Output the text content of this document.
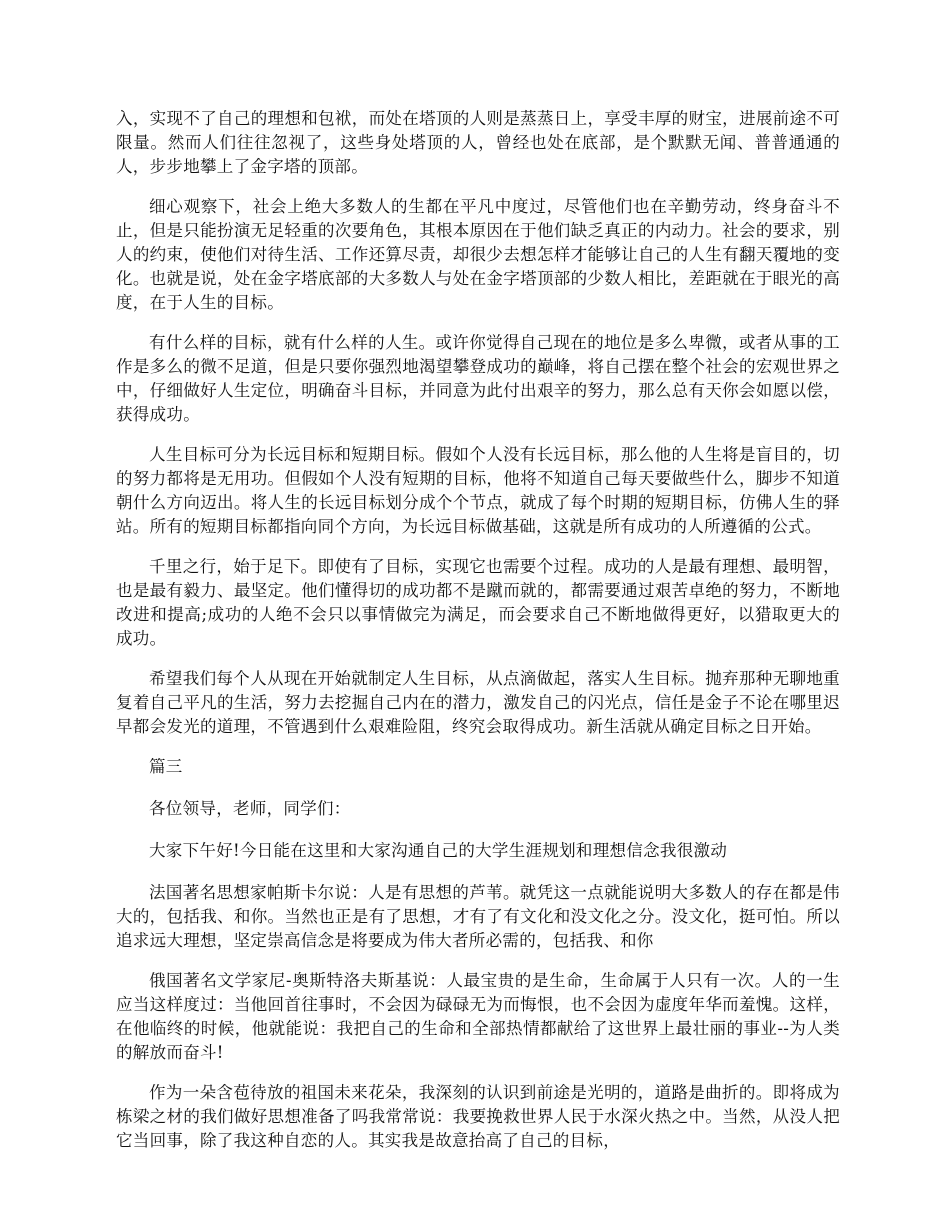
入，实现不了自己的理想和包袱，而处在塔顶的人则是蒸蒸日上，享受丰厚的财宝，进展前途不可限量。然而人们往往忽视了，这些身处塔顶的人，曾经也处在底部，是个默默无闻、普普通通的人，步步地攀上了金字塔的顶部。

细心观察下，社会上绝大多数人的生都在平凡中度过，尽管他们也在辛勤劳动，终身奋斗不止，但是只能扮演无足轻重的次要角色，其根本原因在于他们缺乏真正的内动力。社会的要求，别人的约束，使他们对待生活、工作还算尽责，却很少去想怎样才能够让自己的人生有翻天覆地的变化。也就是说，处在金字塔底部的大多数人与处在金字塔顶部的少数人相比，差距就在于眼光的高度，在于人生的目标。

有什么样的目标，就有什么样的人生。或许你觉得自己现在的地位是多么卑微，或者从事的工作是多么的微不足道，但是只要你强烈地渴望攀登成功的巅峰，将自己摆在整个社会的宏观世界之中，仔细做好人生定位，明确奋斗目标，并同意为此付出艰辛的努力，那么总有天你会如愿以偿，获得成功。

人生目标可分为长远目标和短期目标。假如个人没有长远目标，那么他的人生将是盲目的，切的努力都将是无用功。但假如个人没有短期的目标，他将不知道自己每天要做些什么，脚步不知道朝什么方向迈出。将人生的长远目标划分成个个节点，就成了每个时期的短期目标，仿佛人生的驿站。所有的短期目标都指向同个方向，为长远目标做基础，这就是所有成功的人所遵循的公式。

千里之行，始于足下。即使有了目标，实现它也需要个过程。成功的人是最有理想、最明智，也是最有毅力、最坚定。他们懂得切的成功都不是蹴而就的，都需要通过艰苦卓绝的努力，不断地改进和提高;成功的人绝不会只以事情做完为满足，而会要求自己不断地做得更好，以猎取更大的成功。

希望我们每个人从现在开始就制定人生目标，从点滴做起，落实人生目标。抛弃那种无聊地重复着自己平凡的生活，努力去挖掘自己内在的潜力，激发自己的闪光点，信任是金子不论在哪里迟早都会发光的道理，不管遇到什么艰难险阻，终究会取得成功。新生活就从确定目标之日开始。

篇三

各位领导，老师，同学们：

大家下午好!今日能在这里和大家沟通自己的大学生涯规划和理想信念我很激动

法国著名思想家帕斯卡尔说：人是有思想的芦苇。就凭这一点就能说明大多数人的存在都是伟大的，包括我、和你。当然也正是有了思想，才有了有文化和没文化之分。没文化，挺可怕。所以追求远大理想，坚定崇高信念是将要成为伟大者所必需的，包括我、和你

俄国著名文学家尼-奥斯特洛夫斯基说：人最宝贵的是生命，生命属于人只有一次。人的一生应当这样度过：当他回首往事时，不会因为碌碌无为而悔恨，也不会因为虚度年华而羞愧。这样，在他临终的时候，他就能说：我把自己的生命和全部热情都献给了这世界上最壮丽的事业--为人类的解放而奋斗!

作为一朵含苞待放的祖国未来花朵，我深刻的认识到前途是光明的，道路是曲折的。即将成为栋梁之材的我们做好思想准备了吗我常常说：我要挽救世界人民于水深火热之中。当然，从没人把它当回事，除了我这种自恋的人。其实我是故意抬高了自己的目标，
